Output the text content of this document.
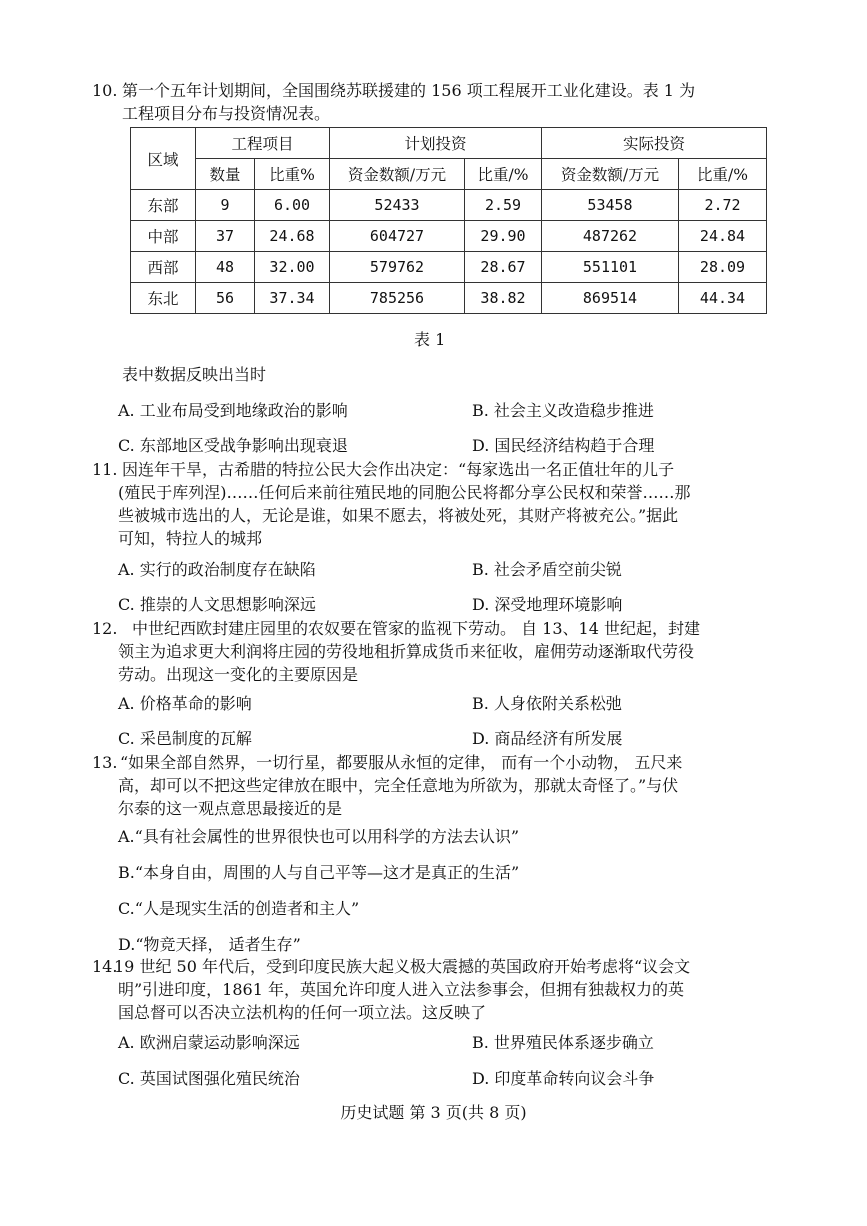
10. 第一个五年计划期间，全国围绕苏联援建的 156 项工程展开工业化建设。表 1 为
工程项目分布与投资情况表。
区域	工程项目		计划投资		实际投资	
	数量	比重%	资金数额/万元	比重/%	资金数额/万元	比重/%
东部	9	6.00	52433	2.59	53458	2.72
中部	37	24.68	604727	29.90	487262	24.84
西部	48	32.00	579762	28.67	551101	28.09
东北	56	37.34	785256	38.82	869514	44.34
表 1
表中数据反映出当时
A. 工业布局受到地缘政治的影响	B. 社会主义改造稳步推进
C. 东部地区受战争影响出现衰退	D. 国民经济结构趋于合理
11. 因连年干旱，古希腊的特拉公民大会作出决定：“每家选出一名正值壮年的儿子
(殖民于库列涅)……任何后来前往殖民地的同胞公民将都分享公民权和荣誉……那
些被城市选出的人，无论是谁，如果不愿去，将被处死，其财产将被充公。”据此
可知，特拉人的城邦
A. 实行的政治制度存在缺陷	B. 社会矛盾空前尖锐
C. 推崇的人文思想影响深远	D. 深受地理环境影响
12. 中世纪西欧封建庄园里的农奴要在管家的监视下劳动。 自 13、14 世纪起，封建
领主为追求更大利润将庄园的劳役地租折算成货币来征收，雇佣劳动逐渐取代劳役
劳动。出现这一变化的主要原因是
A. 价格革命的影响	B. 人身依附关系松弛
C. 采邑制度的瓦解	D. 商品经济有所发展
13. “如果全部自然界，一切行星，都要服从永恒的定律， 而有一个小动物， 五尺来
高，却可以不把这些定律放在眼中，完全任意地为所欲为，那就太奇怪了。”与伏
尔泰的这一观点意思最接近的是
A.“具有社会属性的世界很快也可以用科学的方法去认识”
B.“本身自由，周围的人与自己平等—这才是真正的生活”
C.“人是现实生活的创造者和主人”
D.“物竞天择， 适者生存”
14.
19 世纪 50 年代后，受到印度民族大起义极大震撼的英国政府开始考虑将“议会文
明”引进印度，1861 年，英国允许印度人进入立法参事会，但拥有独裁权力的英
国总督可以否决立法机构的任何一项立法。这反映了
A. 欧洲启蒙运动影响深远	B. 世界殖民体系逐步确立
C. 英国试图强化殖民统治	D. 印度革命转向议会斗争
历史试题 第 3 页(共 8 页)
